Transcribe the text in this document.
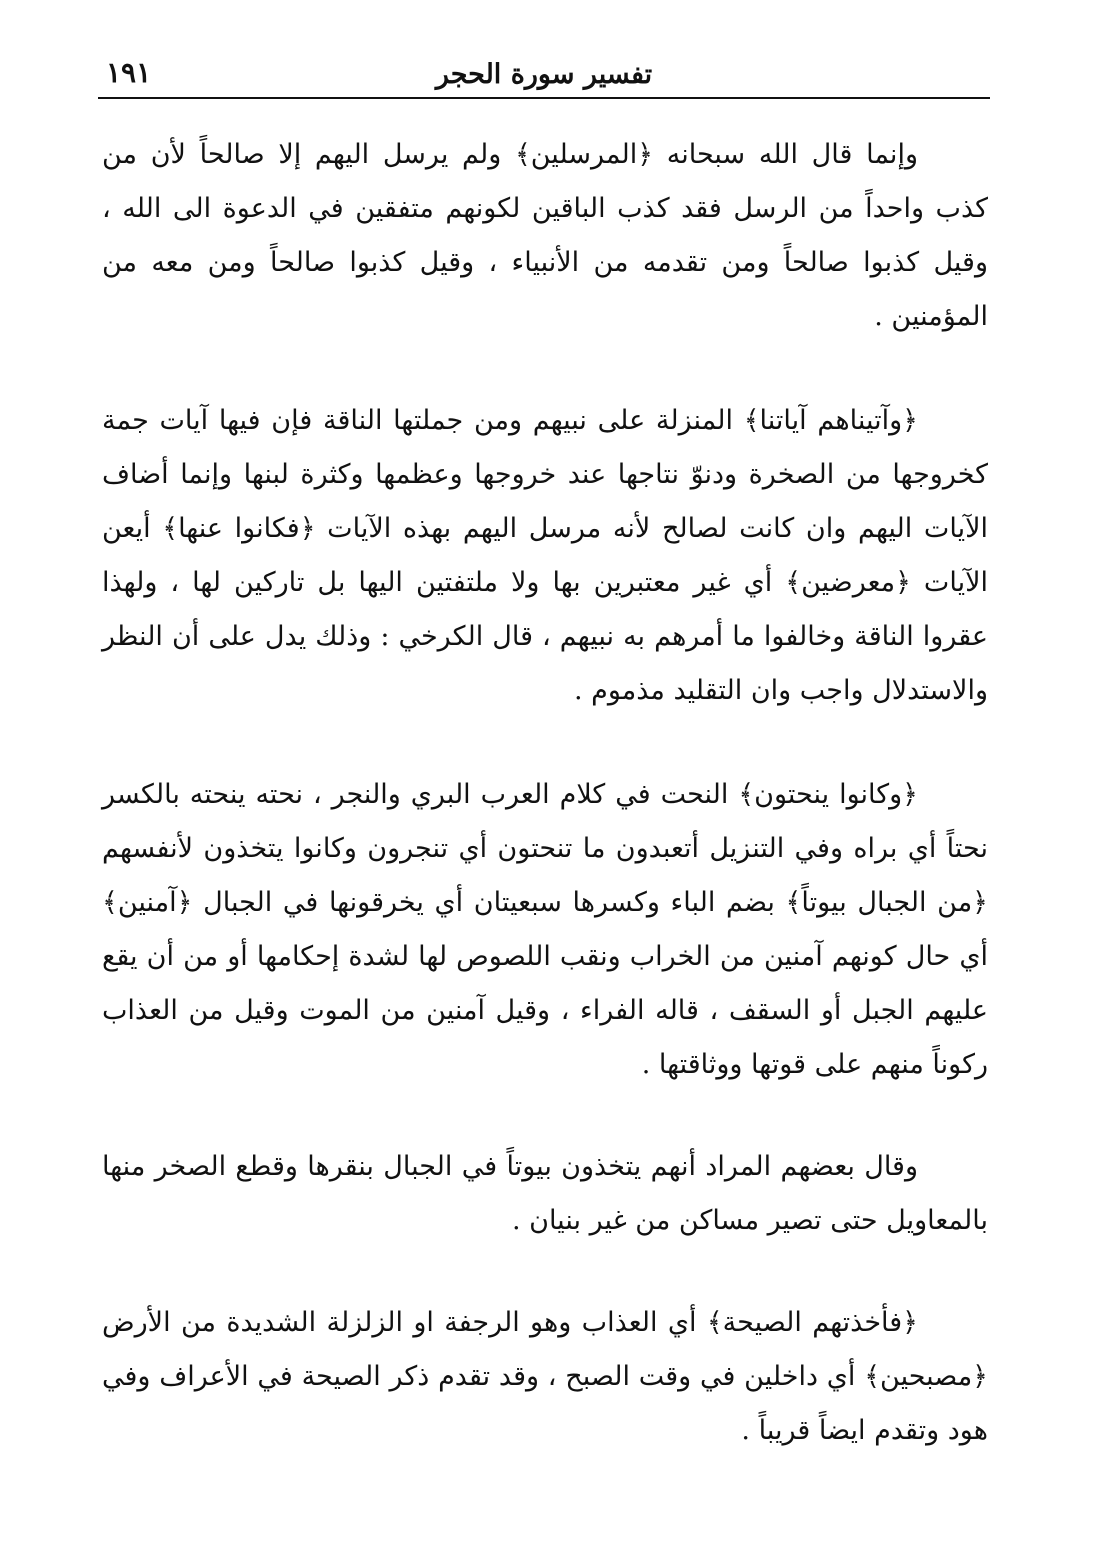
تفسير سورة الحجر
١٩١

وإنما قال الله سبحانه ﴿المرسلين﴾ ولم يرسل اليهم إلا صالحاً لأن من كذب واحداً من الرسل فقد كذب الباقين لكونهم متفقين في الدعوة الى الله ، وقيل كذبوا صالحاً ومن تقدمه من الأنبياء ، وقيل كذبوا صالحاً ومن معه من المؤمنين .

﴿وآتيناهم آياتنا﴾ المنزلة على نبيهم ومن جملتها الناقة فإن فيها آيات جمة كخروجها من الصخرة ودنوّ نتاجها عند خروجها وعظمها وكثرة لبنها وإنما أضاف الآيات اليهم وان كانت لصالح لأنه مرسل اليهم بهذه الآيات ﴿فكانوا عنها﴾ أيعن الآيات ﴿معرضين﴾ أي غير معتبرين بها ولا ملتفتين اليها بل تاركين لها ، ولهذا عقروا الناقة وخالفوا ما أمرهم به نبيهم ، قال الكرخي : وذلك يدل على أن النظر والاستدلال واجب وان التقليد مذموم .

﴿وكانوا ينحتون﴾ النحت في كلام العرب البري والنجر ، نحته ينحته بالكسر نحتاً أي براه وفي التنزيل أتعبدون ما تنحتون أي تنجرون وكانوا يتخذون لأنفسهم ﴿من الجبال بيوتاً﴾ بضم الباء وكسرها سبعيتان أي يخرقونها في الجبال ﴿آمنين﴾ أي حال كونهم آمنين من الخراب ونقب اللصوص لها لشدة إحكامها أو من أن يقع عليهم الجبل أو السقف ، قاله الفراء ، وقيل آمنين من الموت وقيل من العذاب ركوناً منهم على قوتها ووثاقتها .

وقال بعضهم المراد أنهم يتخذون بيوتاً في الجبال بنقرها وقطع الصخر منها بالمعاويل حتى تصير مساكن من غير بنيان .

﴿فأخذتهم الصيحة﴾ أي العذاب وهو الرجفة او الزلزلة الشديدة من الأرض ﴿مصبحين﴾ أي داخلين في وقت الصبح ، وقد تقدم ذكر الصيحة في الأعراف وفي هود وتقدم ايضاً قريباً .
